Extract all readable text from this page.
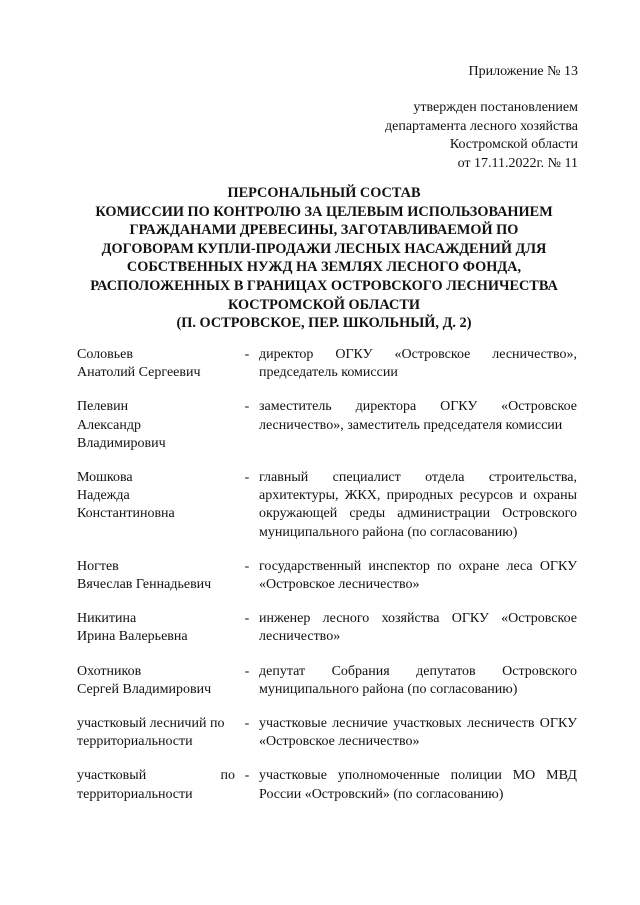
Приложение № 13
утвержден постановлением
департамента лесного хозяйства
Костромской области
от 17.11.2022г. № 11
ПЕРСОНАЛЬНЫЙ СОСТАВ
КОМИССИИ ПО КОНТРОЛЮ ЗА ЦЕЛЕВЫМ ИСПОЛЬЗОВАНИЕМ
ГРАЖДАНАМИ ДРЕВЕСИНЫ, ЗАГОТАВЛИВАЕМОЙ ПО
ДОГОВОРАМ КУПЛИ-ПРОДАЖИ ЛЕСНЫХ НАСАЖДЕНИЙ ДЛЯ
СОБСТВЕННЫХ НУЖД НА ЗЕМЛЯХ ЛЕСНОГО ФОНДА,
РАСПОЛОЖЕННЫХ В ГРАНИЦАХ ОСТРОВСКОГО ЛЕСНИЧЕСТВА
КОСТРОМСКОЙ ОБЛАСТИ
(П. ОСТРОВСКОЕ, ПЕР. ШКОЛЬНЫЙ, Д. 2)
Соловьев
Анатолий Сергеевич
- директор ОГКУ «Островское лесничество», председатель комиссии
Пелевин
Александр
Владимирович
- заместитель директора ОГКУ «Островское лесничество», заместитель председателя комиссии
Мошкова
Надежда
Константиновна
- главный специалист отдела строительства, архитектуры, ЖКХ, природных ресурсов и охраны окружающей среды администрации Островского муниципального района (по согласованию)
Ногтев
Вячеслав Геннадьевич
- государственный инспектор по охране леса ОГКУ «Островское лесничество»
Никитина
Ирина Валерьевна
- инженер лесного хозяйства ОГКУ «Островское лесничество»
Охотников
Сергей Владимирович
- депутат Собрания депутатов Островского муниципального района (по согласованию)
участковый лесничий по территориальности
- участковые лесничие участковых лесничеств ОГКУ «Островское лесничество»
участковый по территориальности
- участковые уполномоченные полиции МО МВД России «Островский» (по согласованию)
